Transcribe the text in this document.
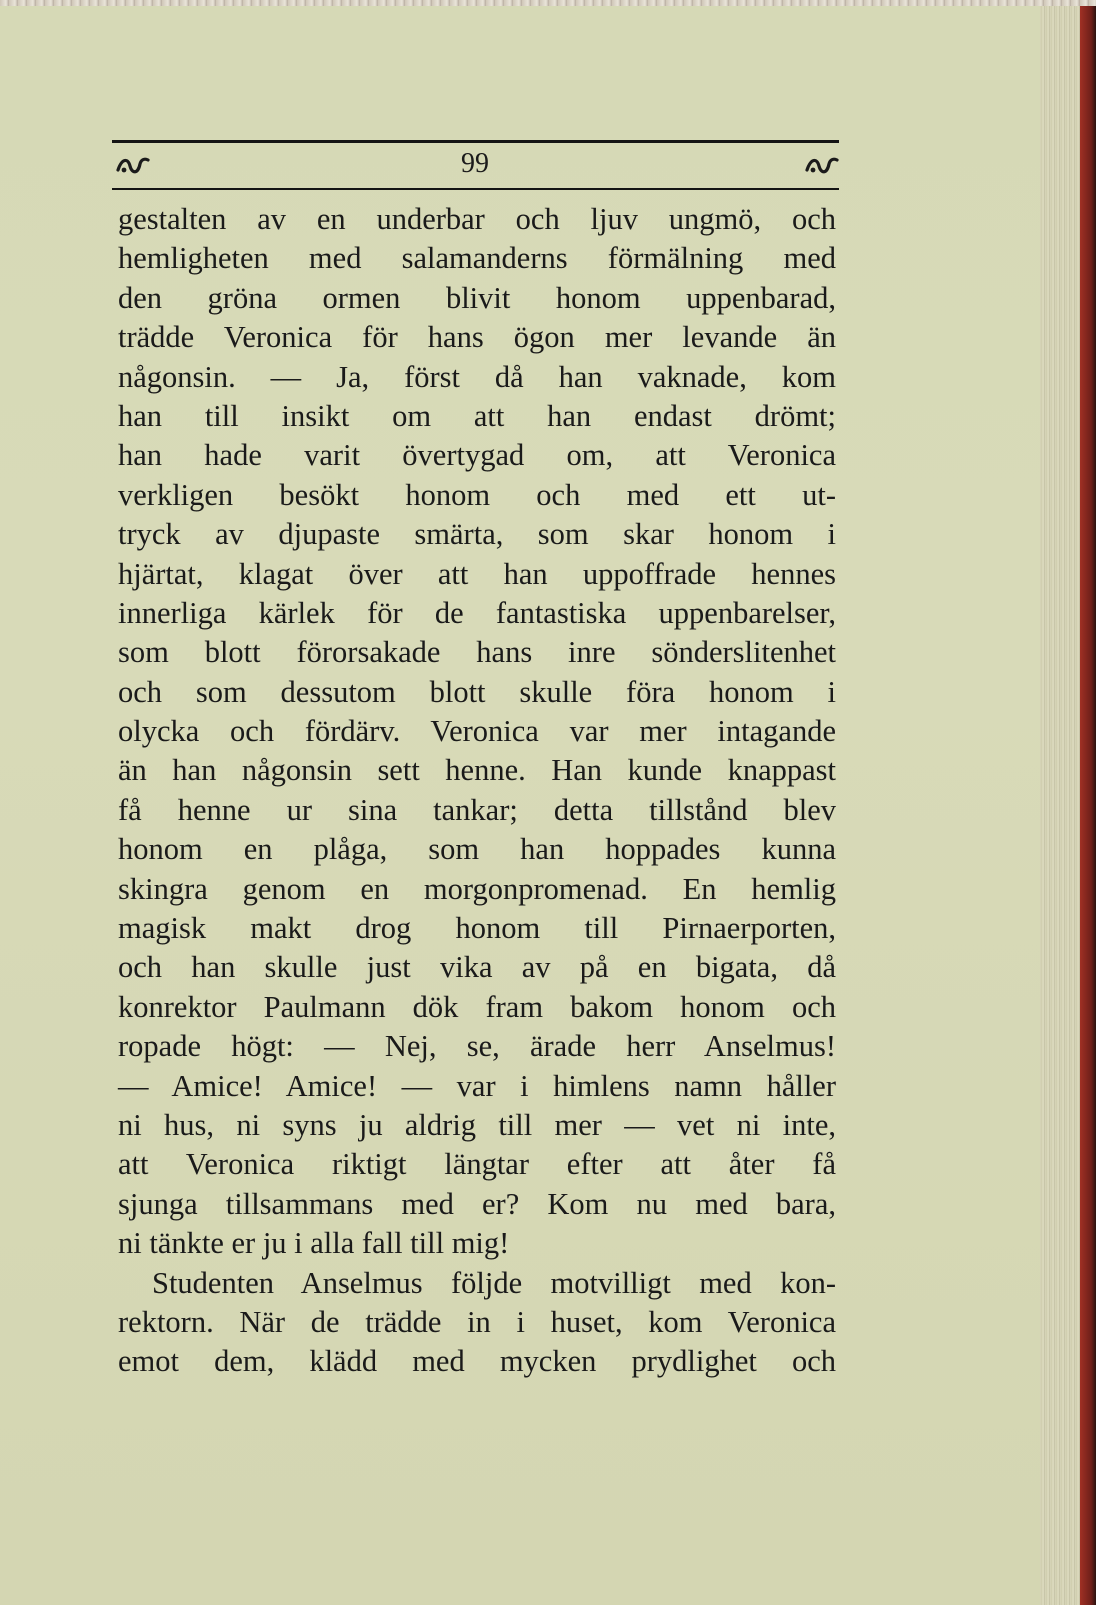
99
gestalten av en underbar och ljuv ungmö, och
hemligheten med salamanderns förmälning med
den gröna ormen blivit honom uppenbarad,
trädde Veronica för hans ögon mer levande än
någonsin. — Ja, först då han vaknade, kom
han till insikt om att han endast drömt;
han hade varit övertygad om, att Veronica
verkligen besökt honom och med ett ut-
tryck av djupaste smärta, som skar honom i
hjärtat, klagat över att han uppoffrade hennes
innerliga kärlek för de fantastiska uppenbarelser,
som blott förorsakade hans inre sönderslitenhet
och som dessutom blott skulle föra honom i
olycka och fördärv. Veronica var mer intagande
än han någonsin sett henne. Han kunde knappast
få henne ur sina tankar; detta tillstånd blev
honom en plåga, som han hoppades kunna
skingra genom en morgonpromenad. En hemlig
magisk makt drog honom till Pirnaerporten,
och han skulle just vika av på en bigata, då
konrektor Paulmann dök fram bakom honom och
ropade högt: — Nej, se, ärade herr Anselmus!
— Amice! Amice! — var i himlens namn håller
ni hus, ni syns ju aldrig till mer — vet ni inte,
att Veronica riktigt längtar efter att åter få
sjunga tillsammans med er? Kom nu med bara,
ni tänkte er ju i alla fall till mig!
Studenten Anselmus följde motvilligt med kon-
rektorn. När de trädde in i huset, kom Veronica
emot dem, klädd med mycken prydlighet och
